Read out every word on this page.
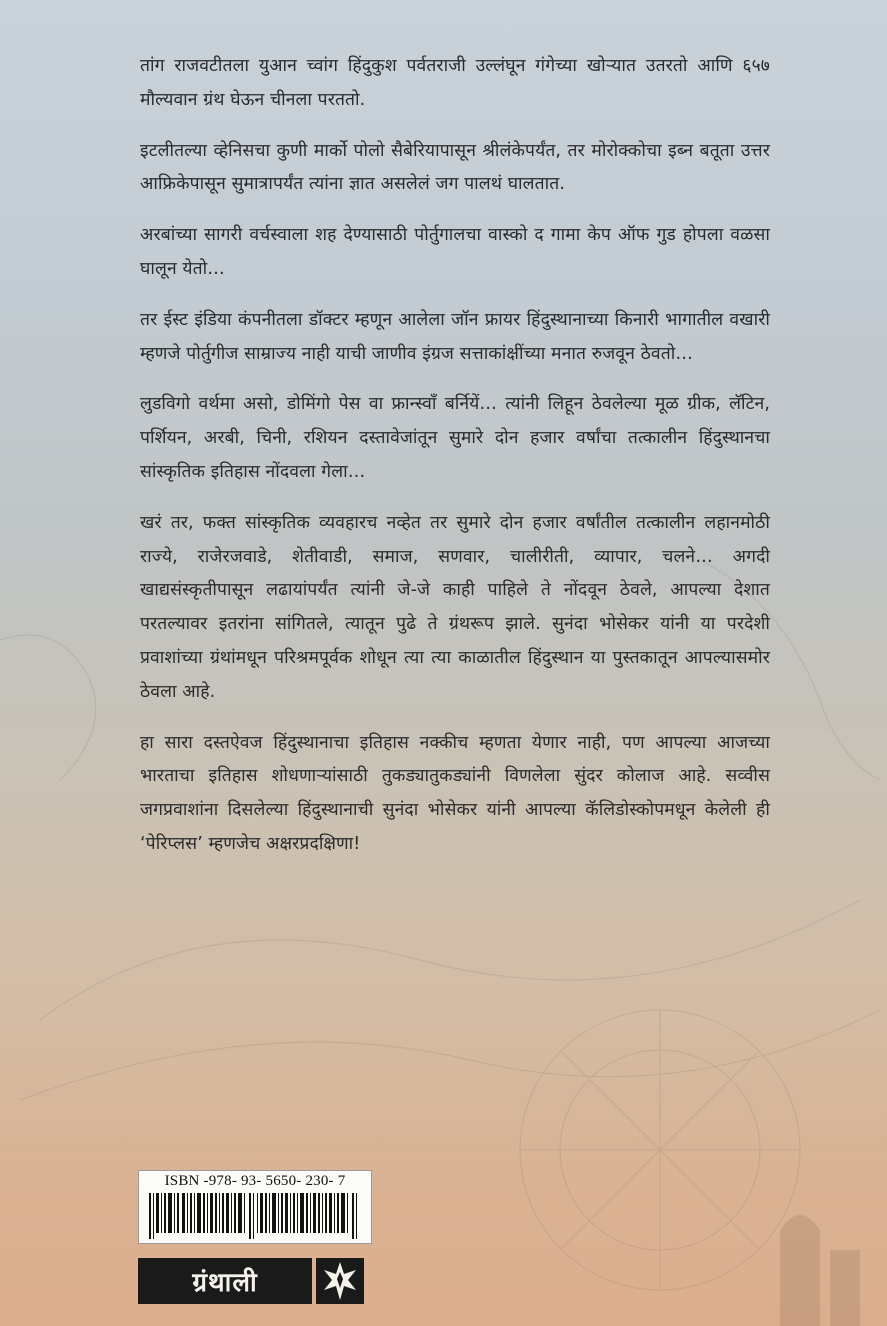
तांग राजवटीतला युआन च्वांग हिंदुकुश पर्वतराजी उल्लंघून गंगेच्या खोऱ्यात उतरतो आणि ६५७ मौल्यवान ग्रंथ घेऊन चीनला परततो.

इटलीतल्या व्हेनिसचा कुणी मार्को पोलो सैबेरियापासून श्रीलंकेपर्यंत, तर मोरोक्कोचा इब्न बतूता उत्तर आफ्रिकेपासून सुमात्रापर्यंत त्यांना ज्ञात असलेलं जग पालथं घालतात.

अरबांच्या सागरी वर्चस्वाला शह देण्यासाठी पोर्तुगालचा वास्को द गामा केप ऑफ गुड होपला वळसा घालून येतो…

तर ईस्ट इंडिया कंपनीतला डॉक्टर म्हणून आलेला जॉन फ्रायर हिंदुस्थानाच्या किनारी भागातील वखारी म्हणजे पोर्तुगीज साम्राज्य नाही याची जाणीव इंग्रज सत्ताकांक्षींच्या मनात रुजवून ठेवतो…

लुडविगो वर्थमा असो, डोमिंगो पेस वा फ्रान्स्वाँ बर्नियें… त्यांनी लिहून ठेवलेल्या मूळ ग्रीक, लॅटिन, पर्शियन, अरबी, चिनी, रशियन दस्तावेजांतून सुमारे दोन हजार वर्षांचा तत्कालीन हिंदुस्थानचा सांस्कृतिक इतिहास नोंदवला गेला…

खरं तर, फक्त सांस्कृतिक व्यवहारच नव्हेत तर सुमारे दोन हजार वर्षांतील तत्कालीन लहानमोठी राज्ये, राजेरजवाडे, शेतीवाडी, समाज, सणवार, चालीरीती, व्यापार, चलने… अगदी खाद्यसंस्कृतीपासून लढायांपर्यंत त्यांनी जे-जे काही पाहिले ते नोंदवून ठेवले, आपल्या देशात परतल्यावर इतरांना सांगितले, त्यातून पुढे ते ग्रंथरूप झाले. सुनंदा भोसेकर यांनी या परदेशी प्रवाशांच्या ग्रंथांमधून परिश्रमपूर्वक शोधून त्या त्या काळातील हिंदुस्थान या पुस्तकातून आपल्यासमोर ठेवला आहे.

हा सारा दस्तऐवज हिंदुस्थानाचा इतिहास नक्कीच म्हणता येणार नाही, पण आपल्या आजच्या भारताचा इतिहास शोधणाऱ्यांसाठी तुकड्यातुकड्यांनी विणलेला सुंदर कोलाज आहे. सव्वीस जगप्रवाशांना दिसलेल्या हिंदुस्थानाची सुनंदा भोसेकर यांनी आपल्या कॅलिडोस्कोपमधून केलेली ही ‘पेरिप्लस’ म्हणजेच अक्षरप्रदक्षिणा!

ISBN -978- 93- 5650- 230- 7
ग्रंथाली
